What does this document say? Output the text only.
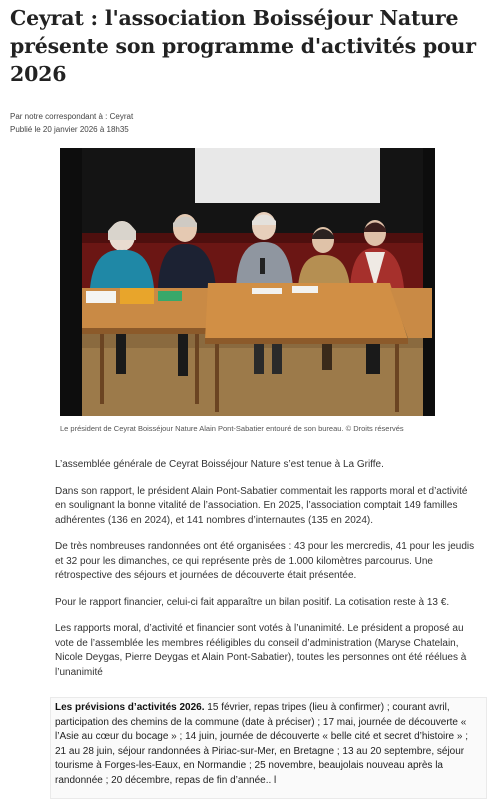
Ceyrat : l'association Boisséjour Nature présente son programme d'activités pour 2026
Par notre correspondant à : Ceyrat
Publié le 20 janvier 2026 à 18h35
Le président de Ceyrat Boisséjour Nature Alain Pont-Sabatier entouré de son bureau. © Droits réservés

L’assemblée générale de Ceyrat Boisséjour Nature s’est tenue à La Griffe.

Dans son rapport, le président Alain Pont-Sabatier commentait les rapports moral et d’activité en soulignant la bonne vitalité de l’association. En 2025, l’association comptait 149 familles adhérentes (136 en 2024), et 141 nombres d’internautes (135 en 2024).

De très nombreuses randonnées ont été organisées : 43 pour les mercredis, 41 pour les jeudis et 32 pour les dimanches, ce qui représente près de 1.000 kilomètres parcourus. Une rétrospective des séjours et journées de découverte était présentée.

Pour le rapport financier, celui-ci fait apparaître un bilan positif. La cotisation reste à 13 €.

Les rapports moral, d’activité et financier sont votés à l’unanimité. Le président a proposé au vote de l’assemblée les membres rééligibles du conseil d’administration (Maryse Chatelain, Nicole Deygas, Pierre Deygas et Alain Pont-Sabatier), toutes les personnes ont été réélues à l’unanimité

Les prévisions d’activités 2026. 15 février, repas tripes (lieu à confirmer) ; courant avril, participation des chemins de la commune (date à préciser) ; 17 mai, journée de découverte « l’Asie au cœur du bocage » ; 14 juin, journée de découverte « belle cité et secret d’histoire » ; 21 au 28 juin, séjour randonnées à Piriac-sur-Mer, en Bretagne ; 13 au 20 septembre, séjour tourisme à Forges-les-Eaux, en Normandie ; 25 novembre, beaujolais nouveau après la randonnée ; 20 décembre, repas de fin d’année.. l
